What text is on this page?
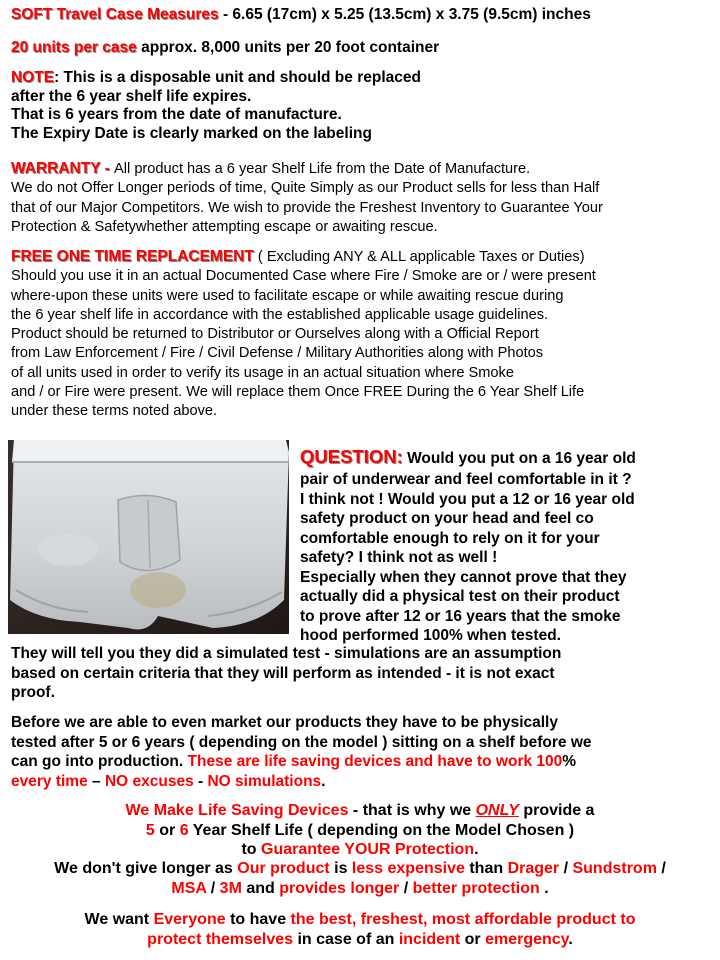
SOFT Travel Case Measures - 6.65 (17cm) x 5.25 (13.5cm) x 3.75 (9.5cm) inches
20 units per case approx. 8,000 units per 20 foot container
NOTE: This is a disposable unit and should be replaced
after the 6 year shelf life expires.
That is 6 years from the date of manufacture.
The Expiry Date is clearly marked on the labeling
WARRANTY - All product has a 6 year Shelf Life from the Date of Manufacture.
We do not Offer Longer periods of time, Quite Simply as our Product sells for less than Half
that of our Major Competitors. We wish to provide the Freshest Inventory to Guarantee Your
Protection & Safetywhether attempting escape or awaiting rescue.
FREE ONE TIME REPLACEMENT ( Excluding ANY & ALL applicable Taxes or Duties)
Should you use it in an actual Documented Case where Fire / Smoke are or / were present
where-upon these units were used to facilitate escape or while awaiting rescue during
the 6 year shelf life in accordance with the established applicable usage guidelines.
Product should be returned to Distributor or Ourselves along with a Official Report
from Law Enforcement / Fire / Civil Defense / Military Authorities along with Photos
of all units used in order to verify its usage in an actual situation where Smoke
and / or Fire were present. We will replace them Once FREE During the 6 Year Shelf Life
under these terms noted above.
QUESTION: Would you put on a 16 year old
pair of underwear and feel comfortable in it ?
I think not ! Would you put a 12 or 16 year old
safety product on your head and feel co
comfortable enough to rely on it for your
safety? I think not as well !
Especially when they cannot prove that they
actually did a physical test on their product
to prove after 12 or 16 years that the smoke
hood performed 100% when tested.
They will tell you they did a simulated test - simulations are an assumption
based on certain criteria that they will perform as intended - it is not exact
proof.
Before we are able to even market our products they have to be physically
tested after 5 or 6 years ( depending on the model ) sitting on a shelf before we
can go into production. These are life saving devices and have to work 100%
every time – NO excuses - NO simulations.
We Make Life Saving Devices - that is why we ONLY provide a
5 or 6 Year Shelf Life ( depending on the Model Chosen )
to Guarantee YOUR Protection.
We don't give longer as Our product is less expensive than Drager / Sundstrom /
MSA / 3M and provides longer / better protection .
We want Everyone to have the best, freshest, most affordable product to
protect themselves in case of an incident or emergency.
